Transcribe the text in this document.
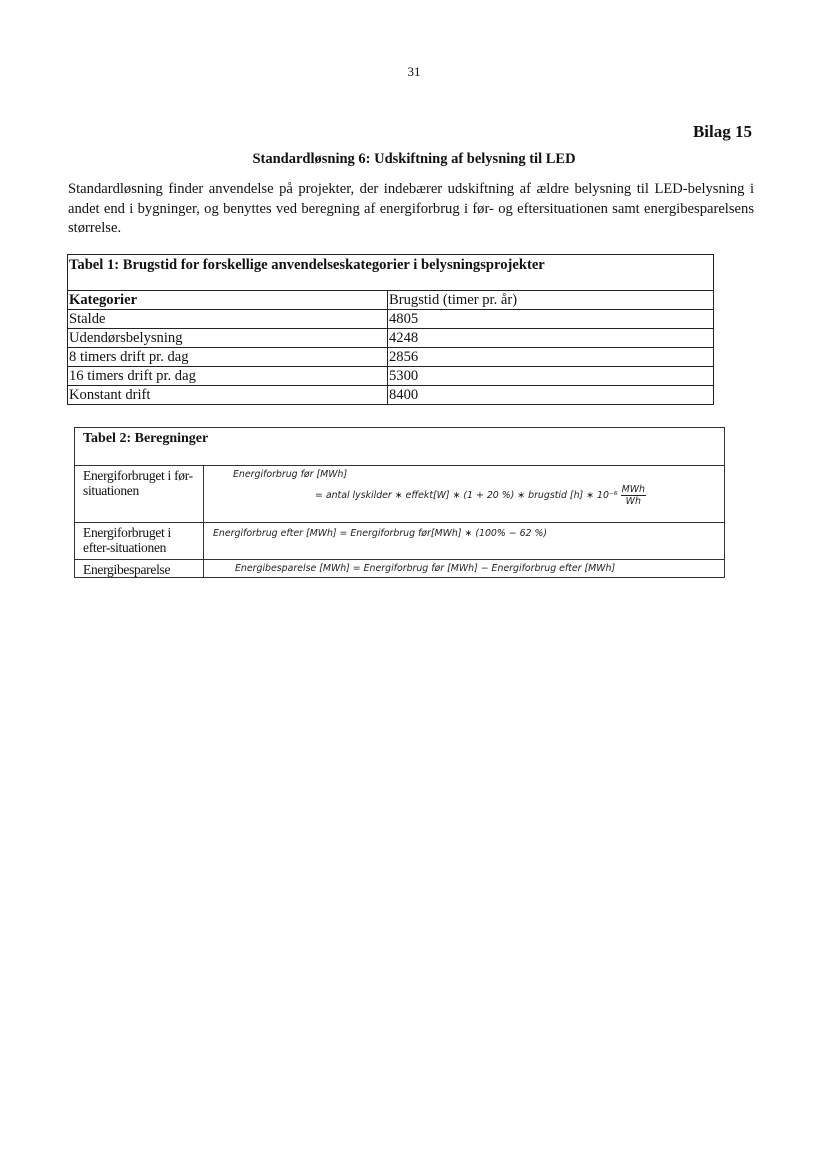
31
Bilag 15
Standardløsning 6: Udskiftning af belysning til LED

Standardløsning finder anvendelse på projekter, der indebærer udskiftning af ældre belysning til LED-belysning i andet end i bygninger, og benyttes ved beregning af energiforbrug i før- og eftersituationen samt energibesparelsens størrelse.

Tabel 1: Brugstid for forskellige anvendelseskategorier i belysningsprojekter	
Kategorier	Brugstid (timer pr. år)
Stalde	4805
Udendørsbelysning	4248
8 timers drift pr. dag	2856
16 timers drift pr. dag	5300
Konstant drift	8400
Tabel 2: Beregninger	
Energiforbruget i før-situationen	Energiforbrug før [MWh]
= antal lyskilder ∗ effekt[W] ∗ (1 + 20 %) ∗ brugstid [h] ∗ $10^{-6} \frac{\text{MWh}}{Wh}$

Energiforbruget i efter-situationen	Energiforbrug efter [MWh] = Energiforbrug før[MWh] ∗ (100% − 62 %)

Energibesparelse	Energibesparelse [MWh] = Energiforbrug før [MWh] − Energiforbrug efter [MWh]
